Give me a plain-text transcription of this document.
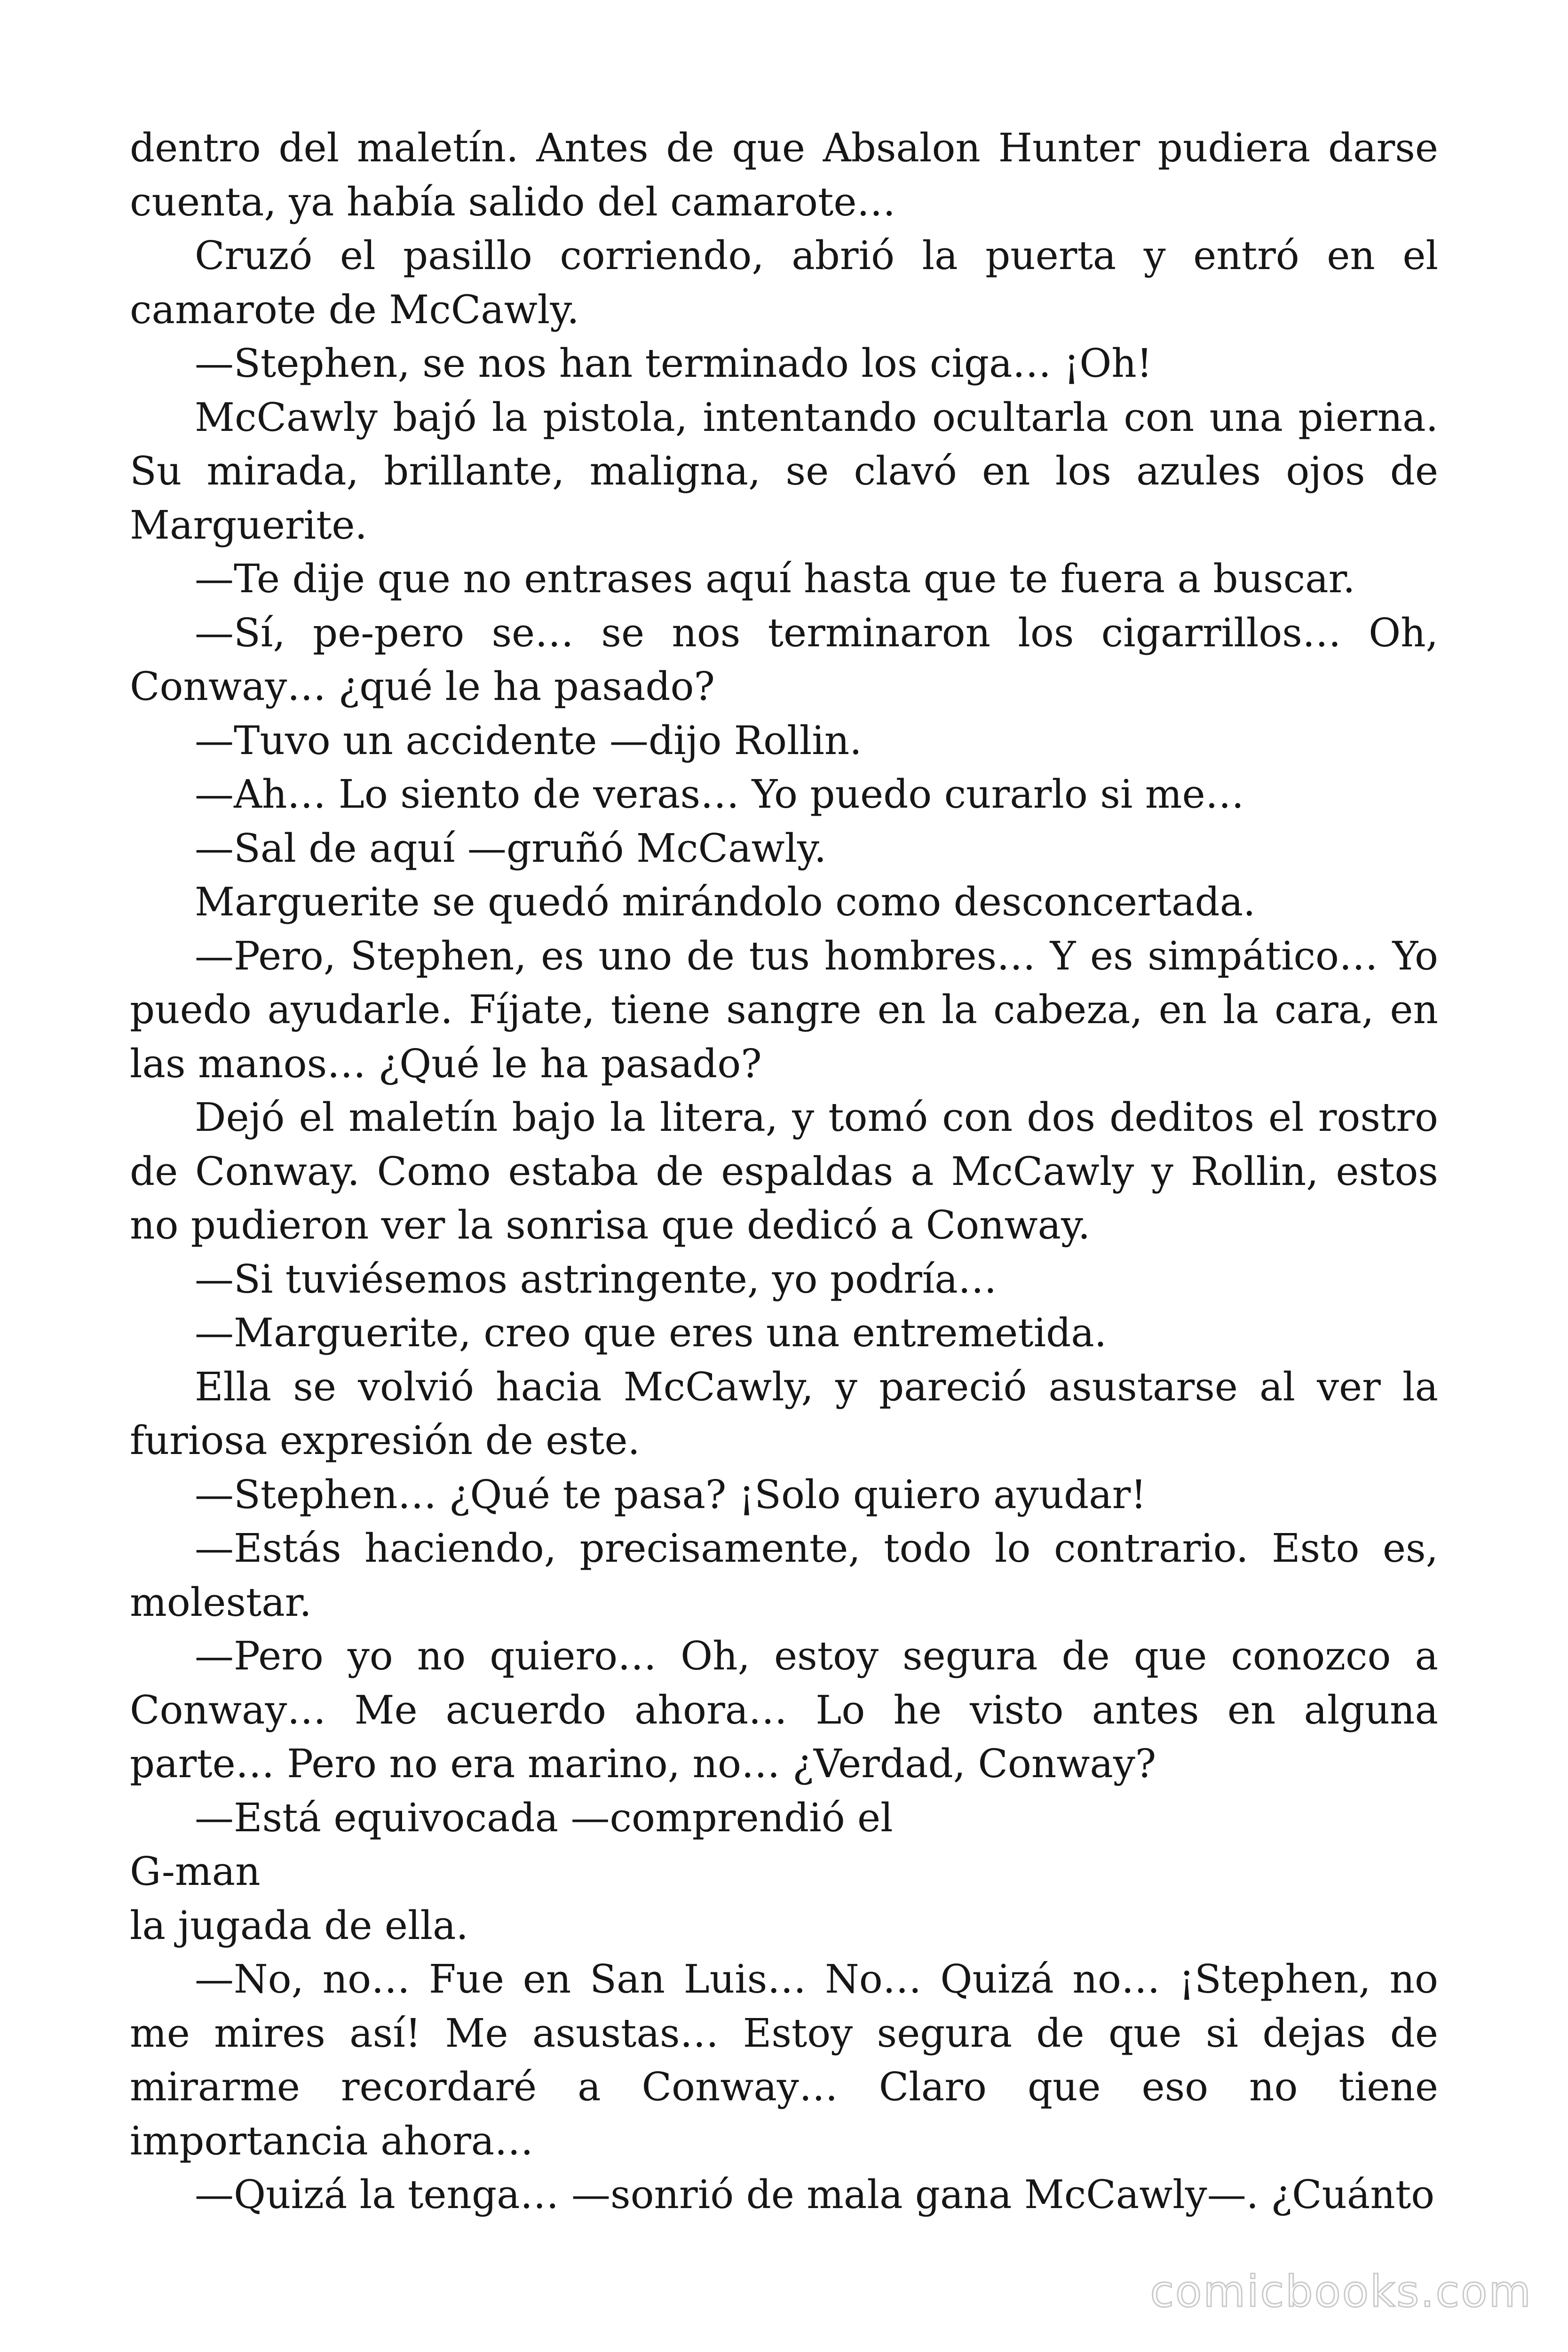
dentro del maletín. Antes de que Absalon Hunter pudiera darse cuenta, ya había salido del camarote…

Cruzó el pasillo corriendo, abrió la puerta y entró en el camarote de McCawly.

—Stephen, se nos han terminado los ciga… ¡Oh!

McCawly bajó la pistola, intentando ocultarla con una pierna. Su mirada, brillante, maligna, se clavó en los azules ojos de Marguerite.

—Te dije que no entrases aquí hasta que te fuera a buscar.

—Sí, pe-pero se… se nos terminaron los cigarrillos… Oh, Conway… ¿qué le ha pasado?

—Tuvo un accidente —dijo Rollin.

—Ah… Lo siento de veras… Yo puedo curarlo si me…

—Sal de aquí —gruñó McCawly.

Marguerite se quedó mirándolo como desconcertada.

—Pero, Stephen, es uno de tus hombres… Y es simpático… Yo puedo ayudarle. Fíjate, tiene sangre en la cabeza, en la cara, en las manos… ¿Qué le ha pasado?

Dejó el maletín bajo la litera, y tomó con dos deditos el rostro de Conway. Como estaba de espaldas a McCawly y Rollin, estos no pudieron ver la sonrisa que dedicó a Conway.

—Si tuviésemos astringente, yo podría…

—Marguerite, creo que eres una entremetida.

Ella se volvió hacia McCawly, y pareció asustarse al ver la furiosa expresión de este.

—Stephen… ¿Qué te pasa? ¡Solo quiero ayudar!

—Estás haciendo, precisamente, todo lo contrario. Esto es, molestar.

—Pero yo no quiero… Oh, estoy segura de que conozco a Conway… Me acuerdo ahora… Lo he visto antes en alguna parte… Pero no era marino, no… ¿Verdad, Conway?

—Está equivocada —comprendió el

G-man

la jugada de ella.

—No, no… Fue en San Luis… No… Quizá no… ¡Stephen, no me mires así! Me asustas… Estoy segura de que si dejas de mirarme recordaré a Conway… Claro que eso no tiene importancia ahora…

—Quizá la tenga… —sonrió de mala gana McCawly—. ¿Cuánto

comicbooks.com
